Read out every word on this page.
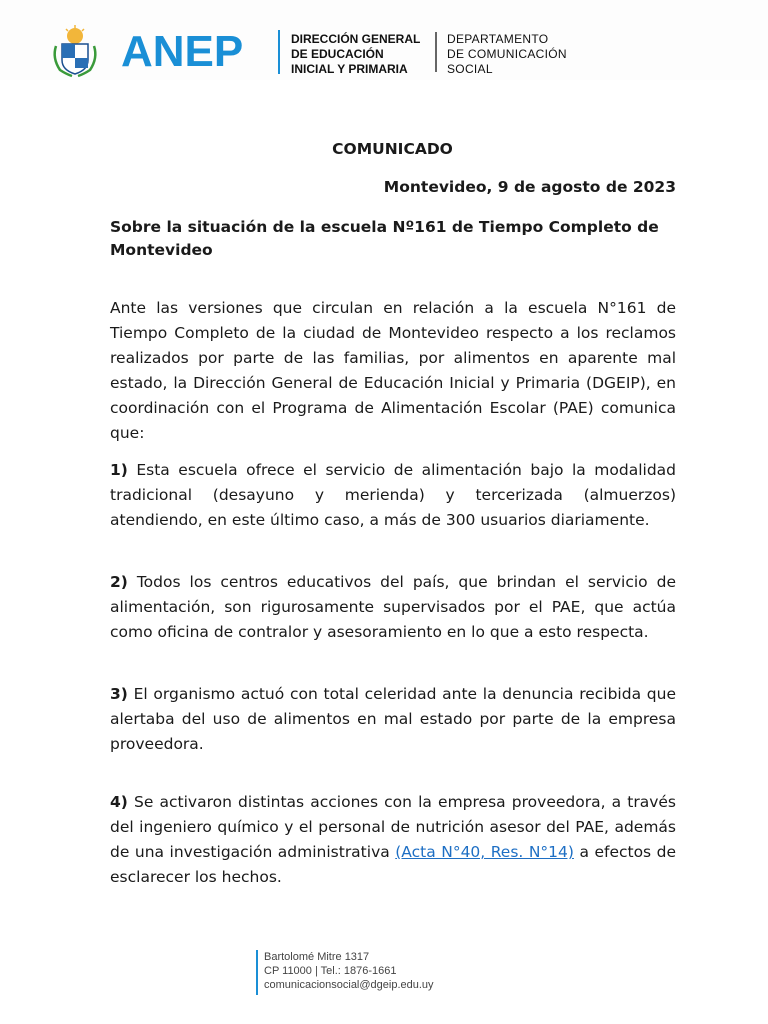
ANEP	DIRECCIÓN GENERAL
DE EDUCACIÓN
INICIAL Y PRIMARIA
DEPARTAMENTO
DE COMUNICACIÓN
SOCIAL
COMUNICADO
Montevideo, 9 de agosto de 2023
Sobre la situación de la escuela Nº161 de Tiempo Completo de Montevideo

Ante las versiones que circulan en relación a la escuela N°161 de Tiempo Completo de la ciudad de Montevideo respecto a los reclamos realizados por parte de las familias, por alimentos en aparente mal estado, la Dirección General de Educación Inicial y Primaria (DGEIP), en coordinación con el Programa de Alimentación Escolar (PAE) comunica que:

1) Esta escuela ofrece el servicio de alimentación bajo la modalidad tradicional (desayuno y merienda) y tercerizada (almuerzos) atendiendo, en este último caso, a más de 300 usuarios diariamente.

2) Todos los centros educativos del país, que brindan el servicio de alimentación, son rigurosamente supervisados por el PAE, que actúa como oficina de contralor y asesoramiento en lo que a esto respecta.

3) El organismo actuó con total celeridad ante la denuncia recibida que alertaba del uso de alimentos en mal estado por parte de la empresa proveedora.

4) Se activaron distintas acciones con la empresa proveedora, a través del ingeniero químico y el personal de nutrición asesor del PAE, además de una investigación administrativa (Acta N°40, Res. N°14) a efectos de esclarecer los hechos.

Bartolomé Mitre 1317
CP 11000 | Tel.: 1876-1661
comunicacionsocial@dgeip.edu.uy
